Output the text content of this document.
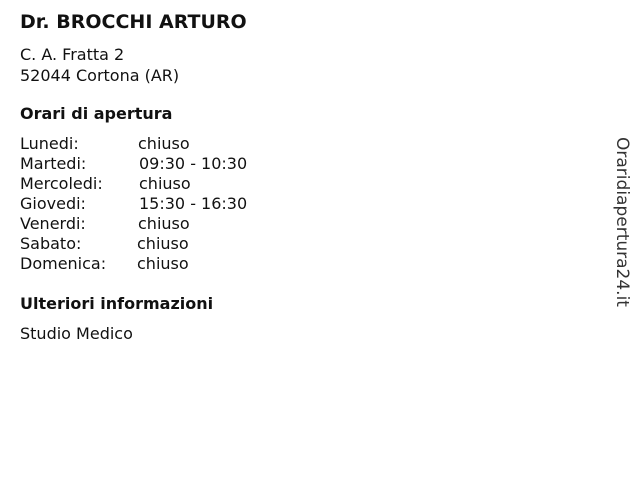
Dr. BROCCHI ARTURO
C. A. Fratta 2
52044 Cortona (AR)
Orari di apertura
Lunedi:	chiuso
Martedi:	09:30 - 10:30
Mercoledi: chiuso
Giovedi:	15:30 - 16:30
Venerdi:	chiuso
Sabato:	chiuso
Domenica: chiuso
Ulteriori informazioni
Studio Medico
Oraridiapertura24.it
